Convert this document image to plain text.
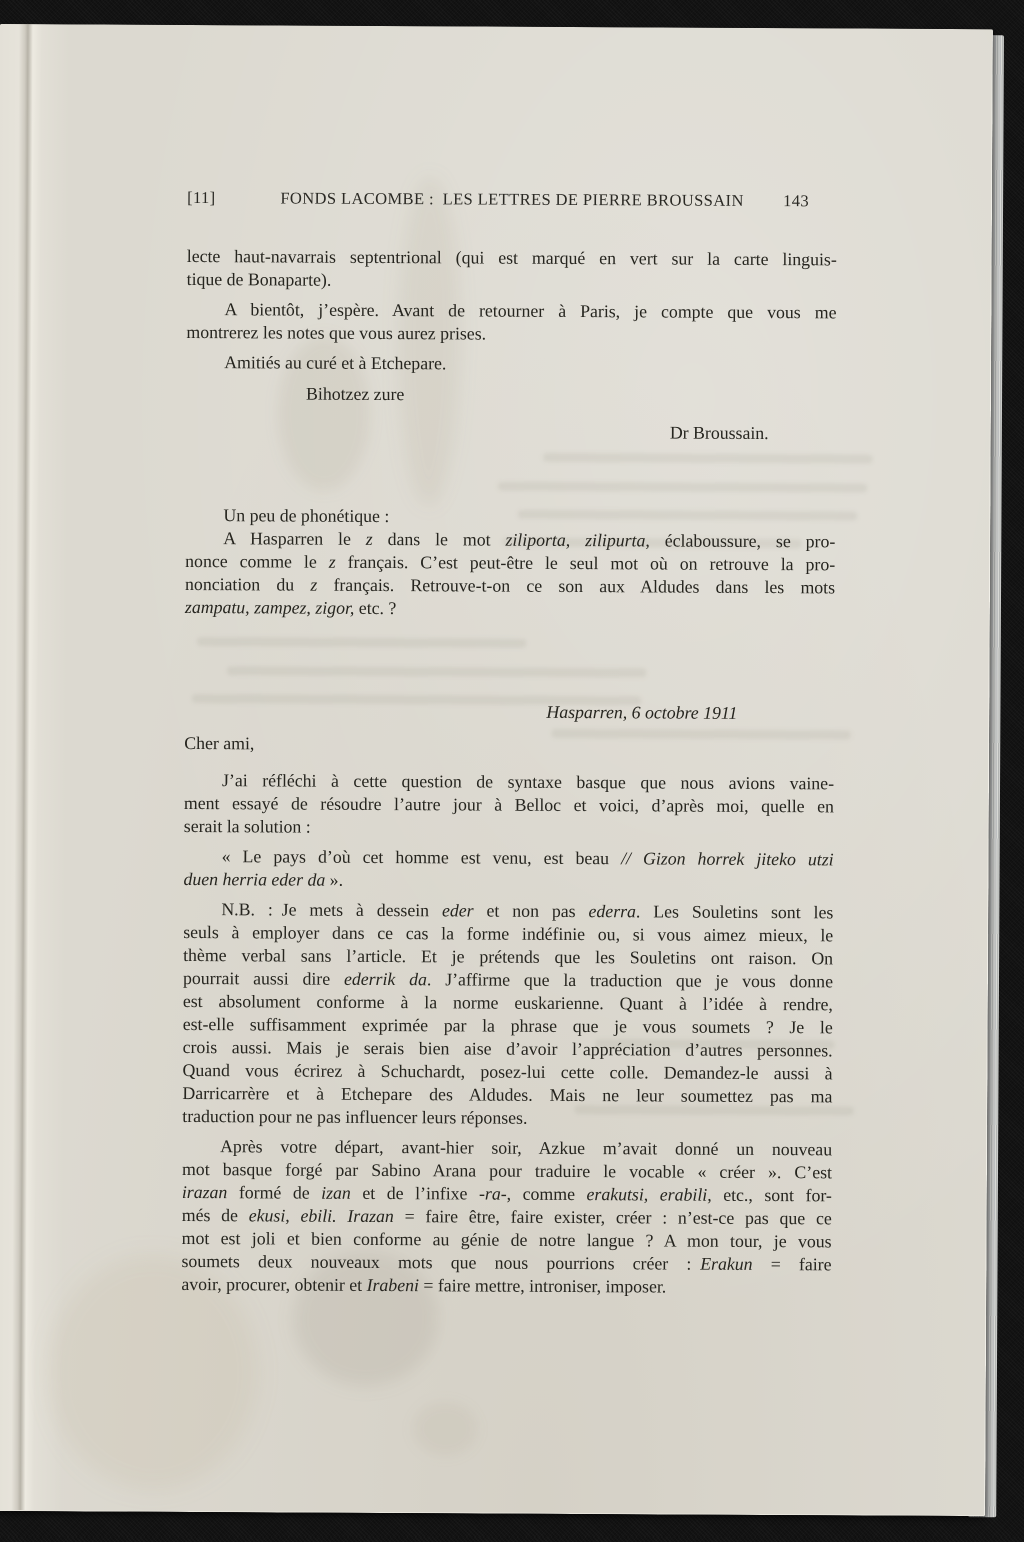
[11]	FONDS LACOMBE : LES LETTRES DE PIERRE BROUSSAIN	143
lecte haut-navarrais septentrional (qui est marqué en vert sur la carte linguis-
tique de Bonaparte).
A bientôt, j’espère. Avant de retourner à Paris, je compte que vous me
montrerez les notes que vous aurez prises.
Amitiés au curé et à Etchepare.
Bihotzez zure
Dr Broussain.
Un peu de phonétique :
A Hasparren le z dans le mot ziliporta, zilipurta, éclaboussure, se pro-
nonce comme le z français. C’est peut-être le seul mot où on retrouve la pro-
nonciation du z français. Retrouve-t-on ce son aux Aldudes dans les mots
zampatu, zampez, zigor, etc. ?
Hasparren, 6 octobre 1911
Cher ami,
J’ai réfléchi à cette question de syntaxe basque que nous avions vaine-
ment essayé de résoudre l’autre jour à Belloc et voici, d’après moi, quelle en
serait la solution :
« Le pays d’où cet homme est venu, est beau // Gizon horrek jiteko utzi
duen herria eder da ».
N.B. : Je mets à dessein eder et non pas ederra. Les Souletins sont les
seuls à employer dans ce cas la forme indéfinie ou, si vous aimez mieux, le
thème verbal sans l’article. Et je prétends que les Souletins ont raison. On
pourrait aussi dire ederrik da. J’affirme que la traduction que je vous donne
est absolument conforme à la norme euskarienne. Quant à l’idée à rendre,
est-elle suffisamment exprimée par la phrase que je vous soumets ? Je le
crois aussi. Mais je serais bien aise d’avoir l’appréciation d’autres personnes.
Quand vous écrirez à Schuchardt, posez-lui cette colle. Demandez-le aussi à
Darricarrère et à Etchepare des Aldudes. Mais ne leur soumettez pas ma
traduction pour ne pas influencer leurs réponses.
Après votre départ, avant-hier soir, Azkue m’avait donné un nouveau
mot basque forgé par Sabino Arana pour traduire le vocable « créer ». C’est
irazan formé de izan et de l’infixe -ra-, comme erakutsi, erabili, etc., sont for-
més de ekusi, ebili. Irazan = faire être, faire exister, créer : n’est-ce pas que ce
mot est joli et bien conforme au génie de notre langue ? A mon tour, je vous
soumets deux nouveaux mots que nous pourrions créer : Erakun = faire
avoir, procurer, obtenir et Irabeni = faire mettre, introniser, imposer.
